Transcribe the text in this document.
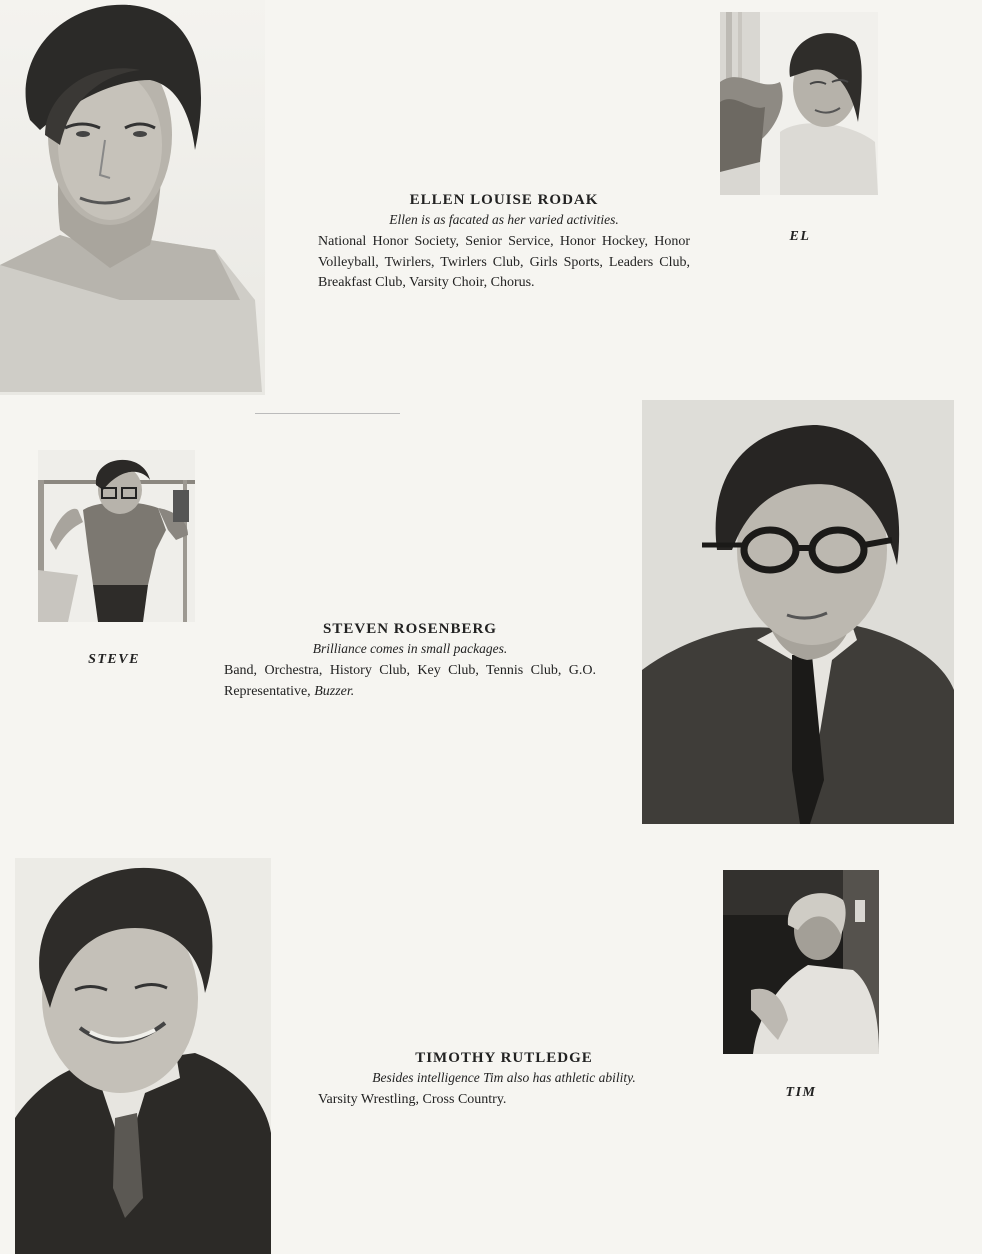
ELLEN LOUISE RODAK
Ellen is as facated as her varied activities.
National Honor Society, Senior Service, Honor Hockey, Honor Volleyball, Twirlers, Twirlers Club, Girls Sports, Leaders Club, Breakfast Club, Varsity Choir, Chorus.
EL
STEVE
STEVEN ROSENBERG
Brilliance comes in small packages.
Band, Orchestra, History Club, Key Club, Tennis Club, G.O. Representative, Buzzer.
TIMOTHY RUTLEDGE
Besides intelligence Tim also has athletic ability.
Varsity Wrestling, Cross Country.	TIM
